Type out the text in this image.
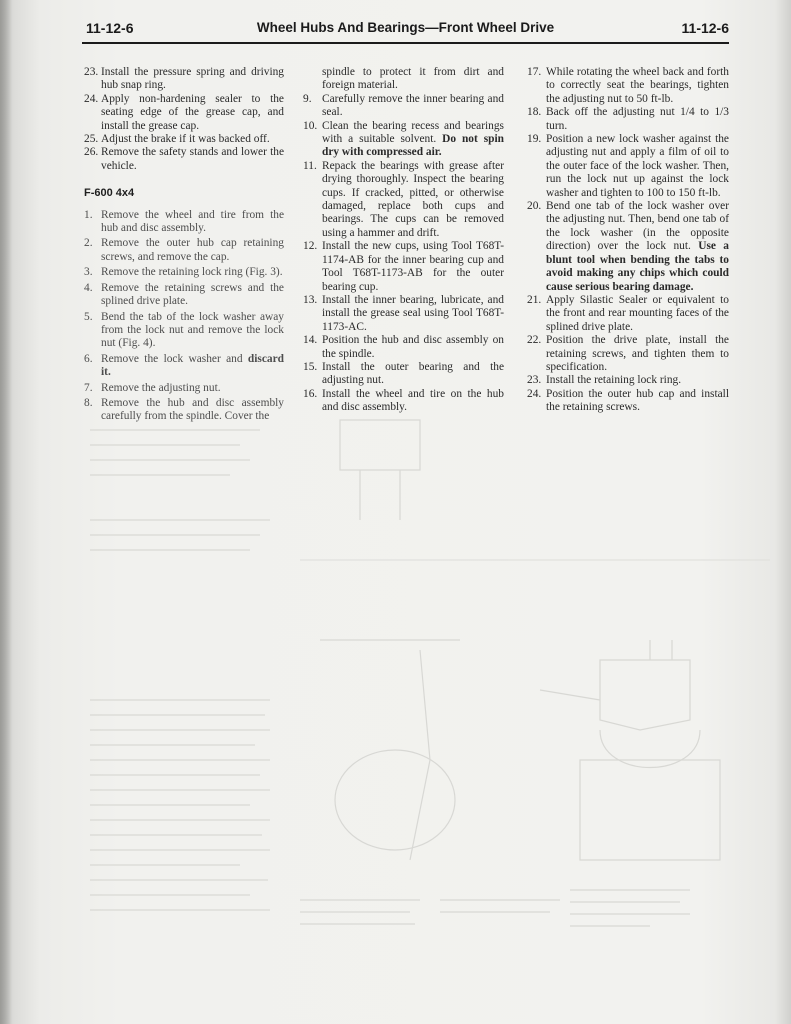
11-12-6	Wheel Hubs And Bearings—Front Wheel Drive	11-12-6
23. Install the pressure spring and driving hub snap ring.
24. Apply non-hardening sealer to the seating edge of the grease cap, and install the grease cap.
25. Adjust the brake if it was backed off.
26. Remove the safety stands and lower the vehicle.
F-600 4x4
1. Remove the wheel and tire from the hub and disc assembly.
2. Remove the outer hub cap retaining screws, and remove the cap.
3. Remove the retaining lock ring (Fig. 3).
4. Remove the retaining screws and the splined drive plate.
5. Bend the tab of the lock washer away from the lock nut and remove the lock nut (Fig. 4).
6. Remove the lock washer and discard it.
7. Remove the adjusting nut.
8. Remove the hub and disc assembly carefully from the spindle. Cover the
spindle to protect it from dirt and foreign material.
9. Carefully remove the inner bearing and seal.
10. Clean the bearing recess and bearings with a suitable solvent. Do not spin dry with compressed air.
11. Repack the bearings with grease after drying thoroughly. Inspect the bearing cups. If cracked, pitted, or otherwise damaged, replace both cups and bearings. The cups can be removed using a hammer and drift.
12. Install the new cups, using Tool T68T-1174-AB for the inner bearing cup and Tool T68T-1173-AB for the outer bearing cup.
13. Install the inner bearing, lubricate, and install the grease seal using Tool T68T-1173-AC.
14. Position the hub and disc assembly on the spindle.
15. Install the outer bearing and the adjusting nut.
16. Install the wheel and tire on the hub and disc assembly.
17. While rotating the wheel back and forth to correctly seat the bearings, tighten the adjusting nut to 50 ft-lb.
18. Back off the adjusting nut 1/4 to 1/3 turn.
19. Position a new lock washer against the adjusting nut and apply a film of oil to the outer face of the lock washer. Then, run the lock nut up against the lock washer and tighten to 100 to 150 ft-lb.
20. Bend one tab of the lock washer over the adjusting nut. Then, bend one tab of the lock washer (in the opposite direction) over the lock nut. Use a blunt tool when bending the tabs to avoid making any chips which could cause serious bearing damage.
21. Apply Silastic Sealer or equivalent to the front and rear mounting faces of the splined drive plate.
22. Position the drive plate, install the retaining screws, and tighten them to specification.
23. Install the retaining lock ring.
24. Position the outer hub cap and install the retaining screws.
